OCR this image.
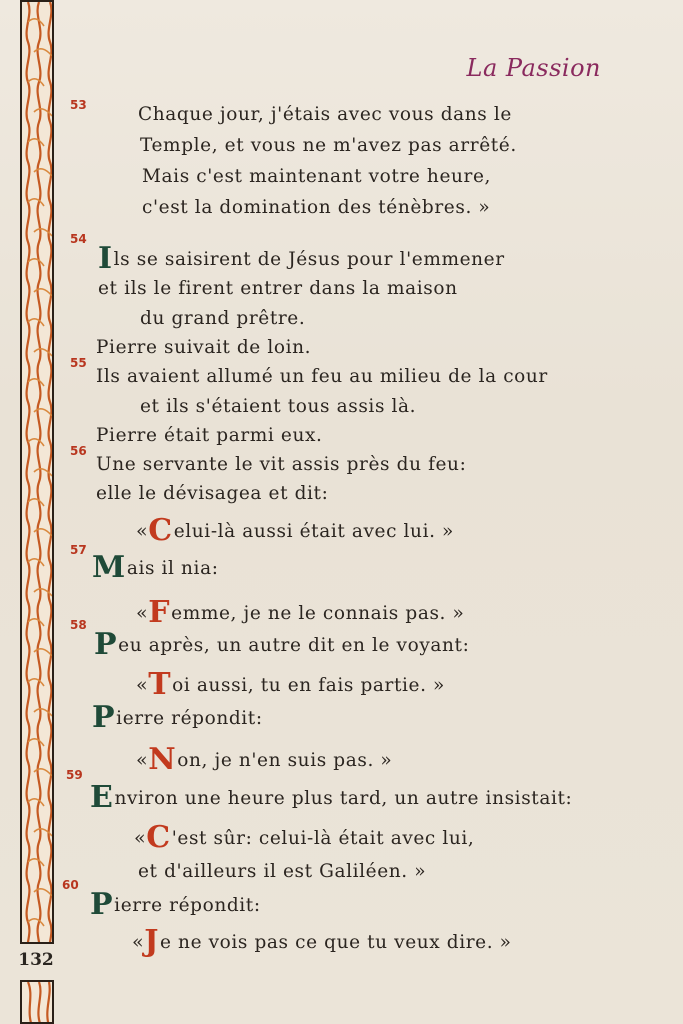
132
La Passion
53
54
55
56
57
58
59
60
Chaque jour, j'étais avec vous dans le
Temple, et vous ne m'avez pas arrêté.
Mais c'est maintenant votre heure,
c'est la domination des ténèbres. »
Ils se saisirent de Jésus pour l'emmener
et ils le firent entrer dans la maison
du grand prêtre.
Pierre suivait de loin.
Ils avaient allumé un feu au milieu de la cour
et ils s'étaient tous assis là.
Pierre était parmi eux.
Une servante le vit assis près du feu:
elle le dévisagea et dit:
«Celui-là aussi était avec lui. »
Mais il nia:
«Femme, je ne le connais pas. »
Peu après, un autre dit en le voyant:
«Toi aussi, tu en fais partie. »
Pierre répondit:
«Non, je n'en suis pas. »
Environ une heure plus tard, un autre insistait:
«C'est sûr: celui-là était avec lui,
et d'ailleurs il est Galiléen. »
Pierre répondit:
«Je ne vois pas ce que tu veux dire. »
